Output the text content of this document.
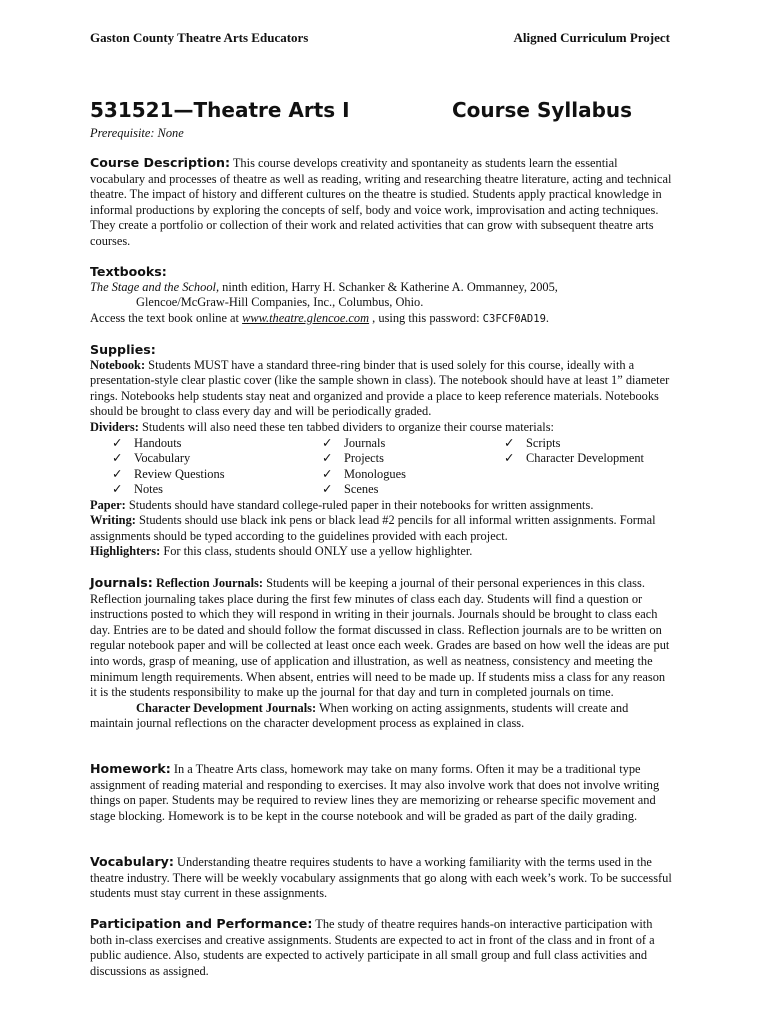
Gaston County Theatre Arts Educators	Aligned Curriculum Project
531521—Theatre Arts I	Course Syllabus
Prerequisite: None
Course Description: This course develops creativity and spontaneity as students learn the essential vocabulary and processes of theatre as well as reading, writing and researching theatre literature, acting and technical theatre. The impact of history and different cultures on the theatre is studied. Students apply practical knowledge in informal productions by exploring the concepts of self, body and voice work, improvisation and acting techniques. They create a portfolio or collection of their work and related activities that can grow with subsequent theatre arts courses.
Textbooks:
The Stage and the School, ninth edition, Harry H. Schanker & Katherine A. Ommanney, 2005,
Glencoe/McGraw-Hill Companies, Inc., Columbus, Ohio.
Access the text book online at www.theatre.glencoe.com , using this password: C3FCF0AD19.
Supplies:
Notebook: Students MUST have a standard three-ring binder that is used solely for this course, ideally with a presentation-style clear plastic cover (like the sample shown in class). The notebook should have at least 1” diameter rings. Notebooks help students stay neat and organized and provide a place to keep reference materials. Notebooks should be brought to class every day and will be periodically graded.
Dividers: Students will also need these ten tabbed dividers to organize their course materials:
✓ Handouts
✓ Vocabulary
✓ Review Questions
✓ Notes
✓ Journals
✓ Projects
✓ Monologues
✓ Scenes
✓ Scripts
✓ Character Development
Paper: Students should have standard college-ruled paper in their notebooks for written assignments.
Writing: Students should use black ink pens or black lead #2 pencils for all informal written assignments. Formal assignments should be typed according to the guidelines provided with each project.
Highlighters: For this class, students should ONLY use a yellow highlighter.
Journals: Reflection Journals: Students will be keeping a journal of their personal experiences in this class. Reflection journaling takes place during the first few minutes of class each day. Students will find a question or instructions posted to which they will respond in writing in their journals. Journals should be brought to class each day. Entries are to be dated and should follow the format discussed in class. Reflection journals are to be written on regular notebook paper and will be collected at least once each week. Grades are based on how well the ideas are put into words, grasp of meaning, use of application and illustration, as well as neatness, consistency and meeting the minimum length requirements. When absent, entries will need to be made up. If students miss a class for any reason it is the students responsibility to make up the journal for that day and turn in completed journals on time.
Character Development Journals: When working on acting assignments, students will create and maintain journal reflections on the character development process as explained in class.
Homework: In a Theatre Arts class, homework may take on many forms. Often it may be a traditional type assignment of reading material and responding to exercises. It may also involve work that does not involve writing things on paper. Students may be required to review lines they are memorizing or rehearse specific movement and stage blocking. Homework is to be kept in the course notebook and will be graded as part of the daily grading.
Vocabulary: Understanding theatre requires students to have a working familiarity with the terms used in the theatre industry. There will be weekly vocabulary assignments that go along with each week’s work. To be successful students must stay current in these assignments.
Participation and Performance: The study of theatre requires hands-on interactive participation with both in-class exercises and creative assignments. Students are expected to act in front of the class and in front of a public audience. Also, students are expected to actively participate in all small group and full class activities and discussions as assigned.
